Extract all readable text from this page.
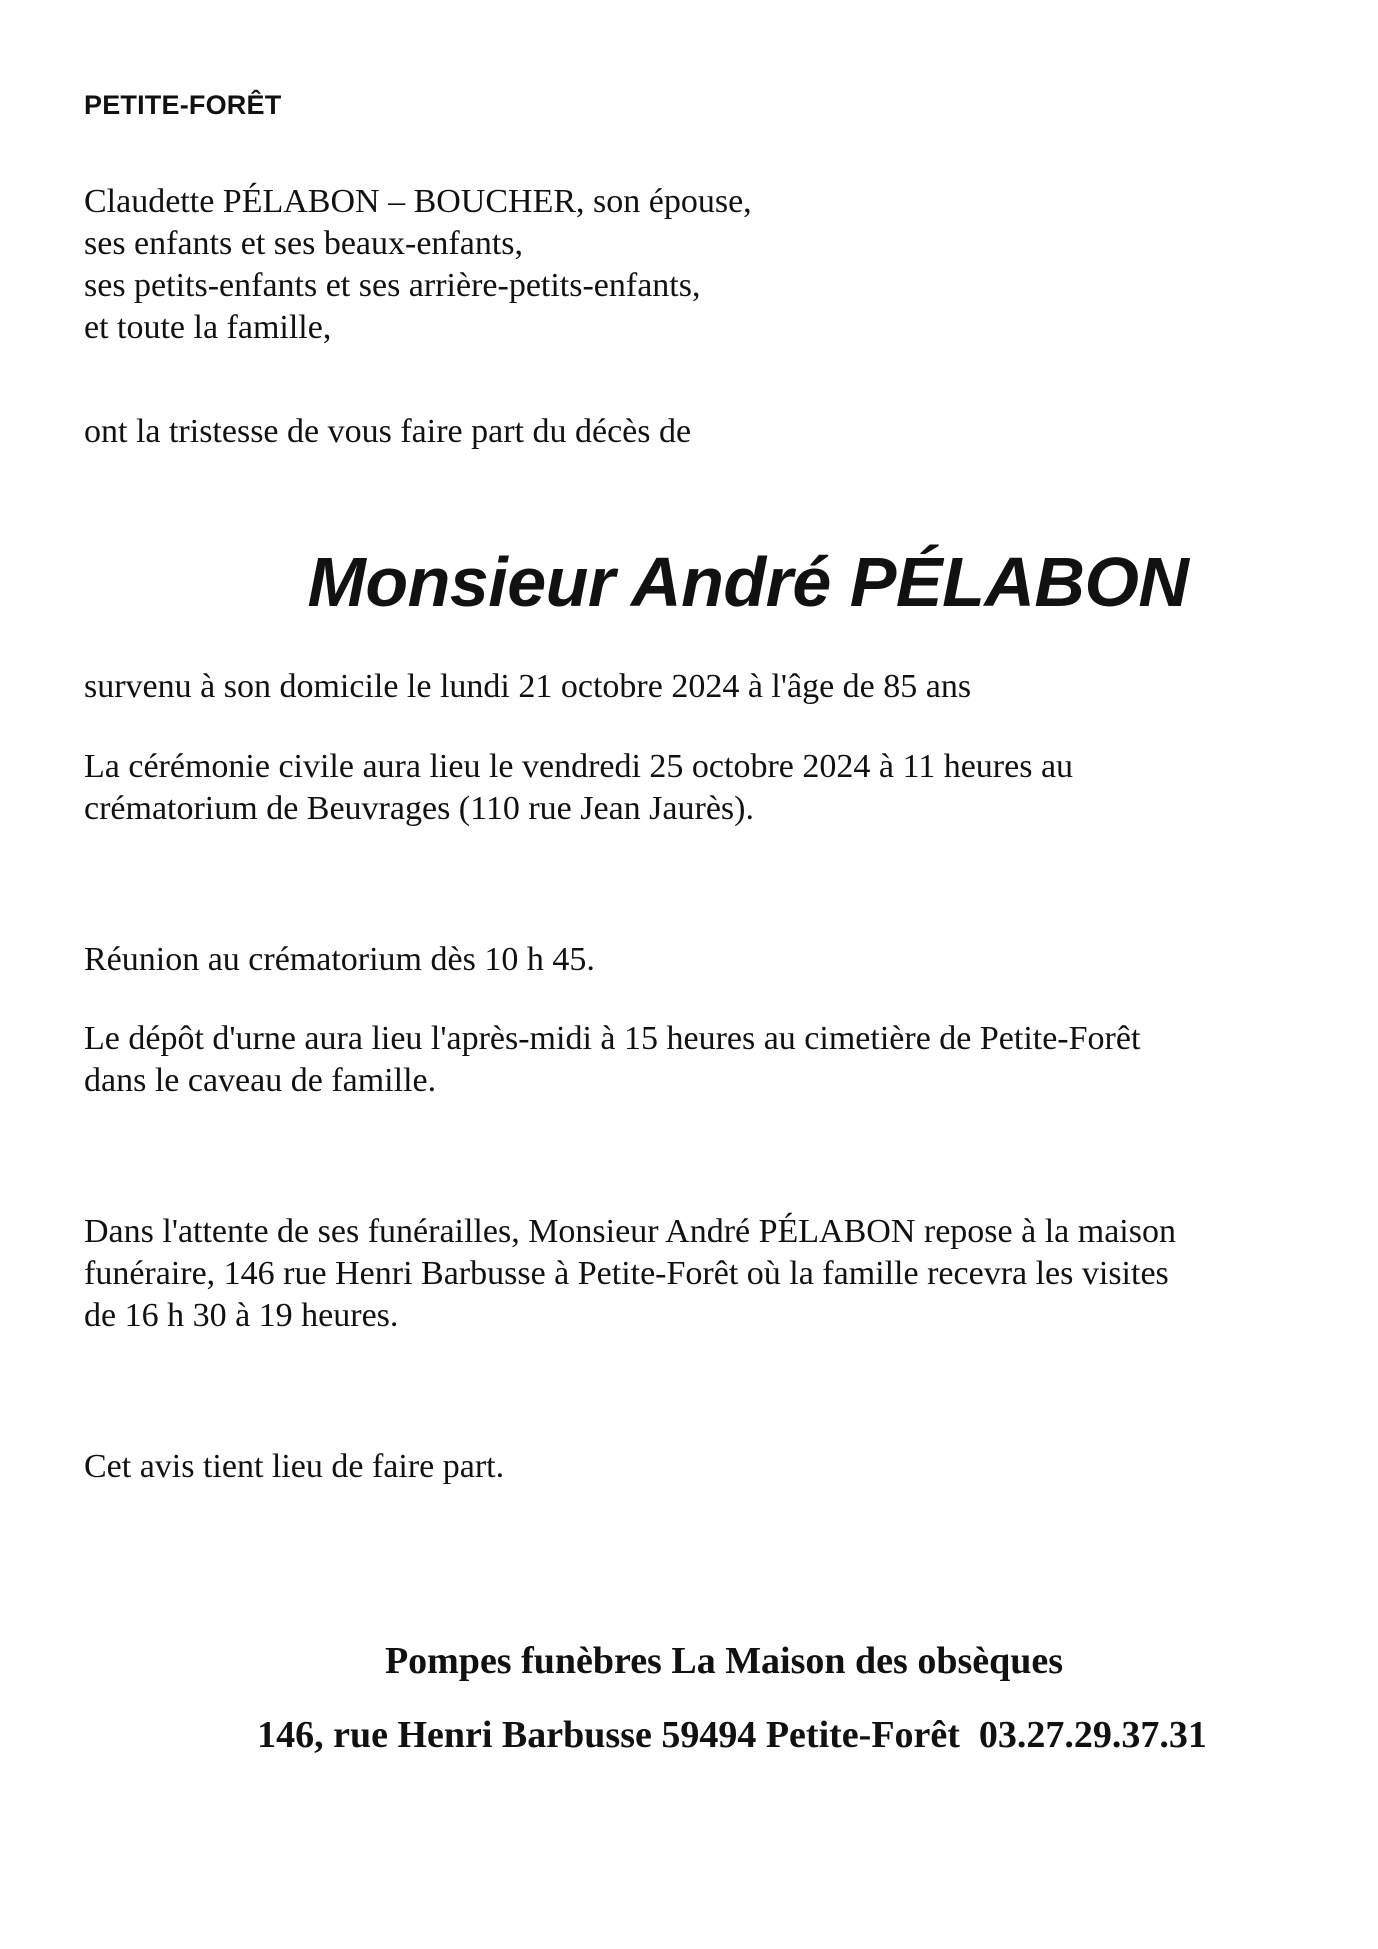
PETITE-FORÊT

Claudette PÉLABON – BOUCHER, son épouse,
ses enfants et ses beaux-enfants,
ses petits-enfants et ses arrière-petits-enfants,
et toute la famille,

ont la tristesse de vous faire part du décès de

Monsieur André PÉLABON

survenu à son domicile le lundi 21 octobre 2024 à l'âge de 85 ans

La cérémonie civile aura lieu le vendredi 25 octobre 2024 à 11 heures au
crématorium de Beuvrages (110 rue Jean Jaurès).

Réunion au crématorium dès 10 h 45.

Le dépôt d'urne aura lieu l'après-midi à 15 heures au cimetière de Petite-Forêt
dans le caveau de famille.

Dans l'attente de ses funérailles, Monsieur André PÉLABON repose à la maison
funéraire, 146 rue Henri Barbusse à Petite-Forêt où la famille recevra les visites
de 16 h 30 à 19 heures.

Cet avis tient lieu de faire part.

Pompes funèbres La Maison des obsèques

146, rue Henri Barbusse 59494 Petite-Forêt  03.27.29.37.31
